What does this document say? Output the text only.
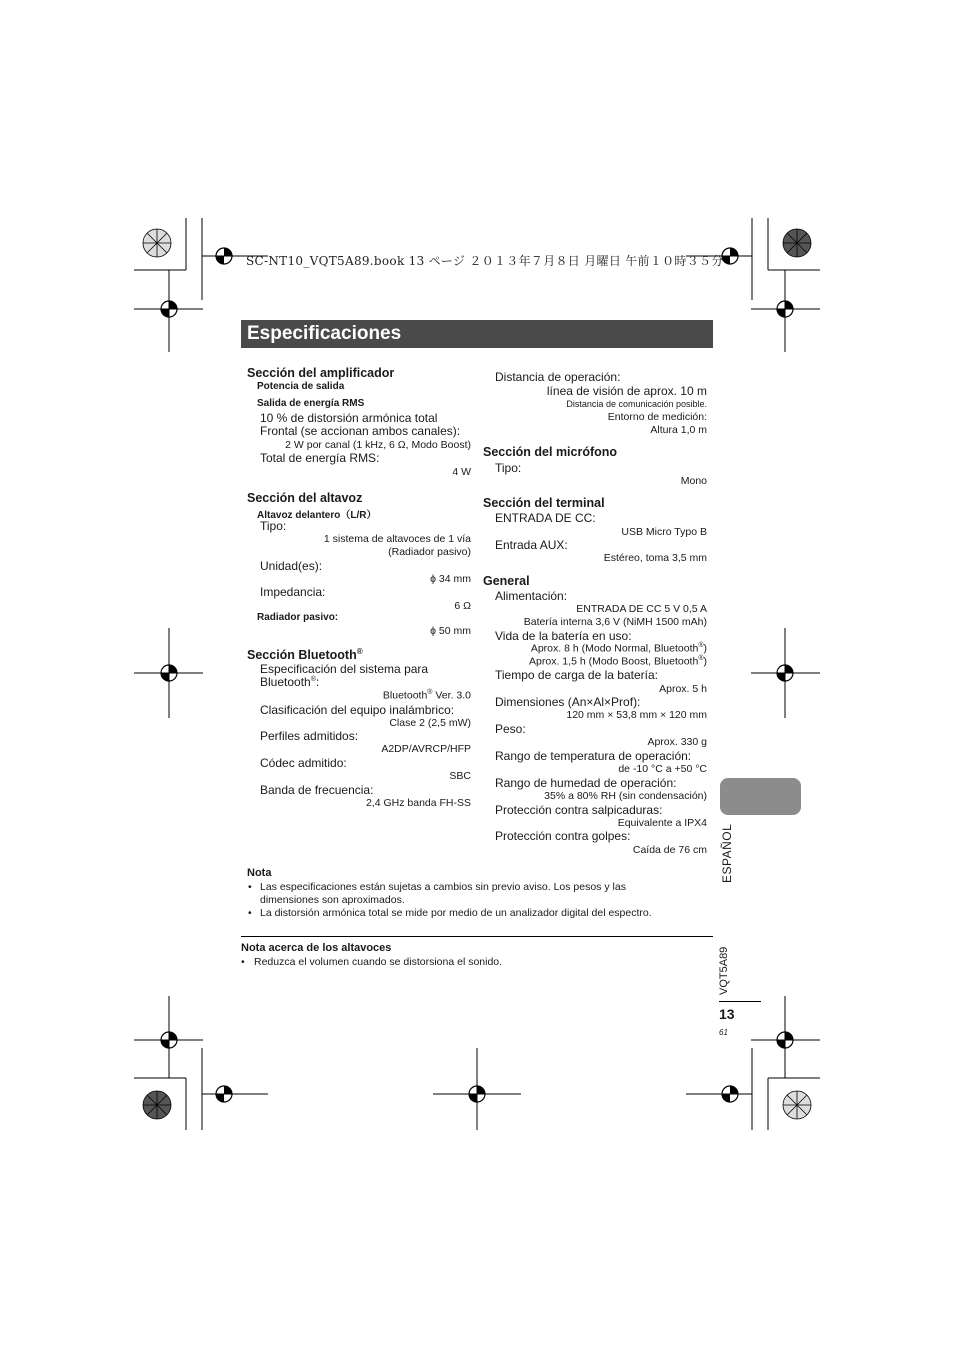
SC-NT10_VQT5A89.book 13 ページ ２０１３年７月８日 月曜日 午前１０時３５分
Especificaciones
Sección del amplificador
Potencia de salida
Salida de energía RMS
10 % de distorsión armónica total
Frontal (se accionan ambos canales):
2 W por canal (1 kHz, 6 Ω, Modo Boost)
Total de energía RMS:
4 W
Sección del altavoz
Altavoz delantero（L/R）
Tipo:
1 sistema de altavoces de 1 vía
(Radiador pasivo)
Unidad(es):
ϕ 34 mm
Impedancia:
6 Ω
Radiador pasivo:
ϕ 50 mm
Sección Bluetooth®
Especificación del sistema para
Bluetooth®:
Bluetooth® Ver. 3.0
Clasificación del equipo inalámbrico:
Clase 2 (2,5 mW)
Perfiles admitidos:
A2DP/AVRCP/HFP
Códec admitido:
SBC
Banda de frecuencia:
2,4 GHz banda FH-SS
Distancia de operación:
línea de visión de aprox. 10 m
Distancia de comunicación posible.
Entorno de medición:
Altura 1,0 m
Sección del micrófono
Tipo:
Mono
Sección del terminal
ENTRADA DE CC:
USB Micro Typo B
Entrada AUX:
Estéreo, toma 3,5 mm
General
Alimentación:
ENTRADA DE CC 5 V 0,5 A
Batería interna 3,6 V (NiMH 1500 mAh)
Vida de la batería en uso:
Aprox. 8 h (Modo Normal, Bluetooth®)
Aprox. 1,5 h (Modo Boost, Bluetooth®)
Tiempo de carga de la batería:
Aprox. 5 h
Dimensiones (An×Al×Prof):
120 mm × 53,8 mm × 120 mm
Peso:
Aprox. 330 g
Rango de temperatura de operación:
de -10 °C a +50 °C
Rango de humedad de operación:
35% a 80% RH (sin condensación)
Protección contra salpicaduras:
Equivalente a IPX4
Protección contra golpes:
Caída de 76 cm
Nota
• Las especificaciones están sujetas a cambios sin previo aviso. Los pesos y las
dimensiones son aproximados.
• La distorsión armónica total se mide por medio de un analizador digital del espectro.
Nota acerca de los altavoces
• Reduzca el volumen cuando se distorsiona el sonido.
ESPAÑOL
VQT5A89
13
61
